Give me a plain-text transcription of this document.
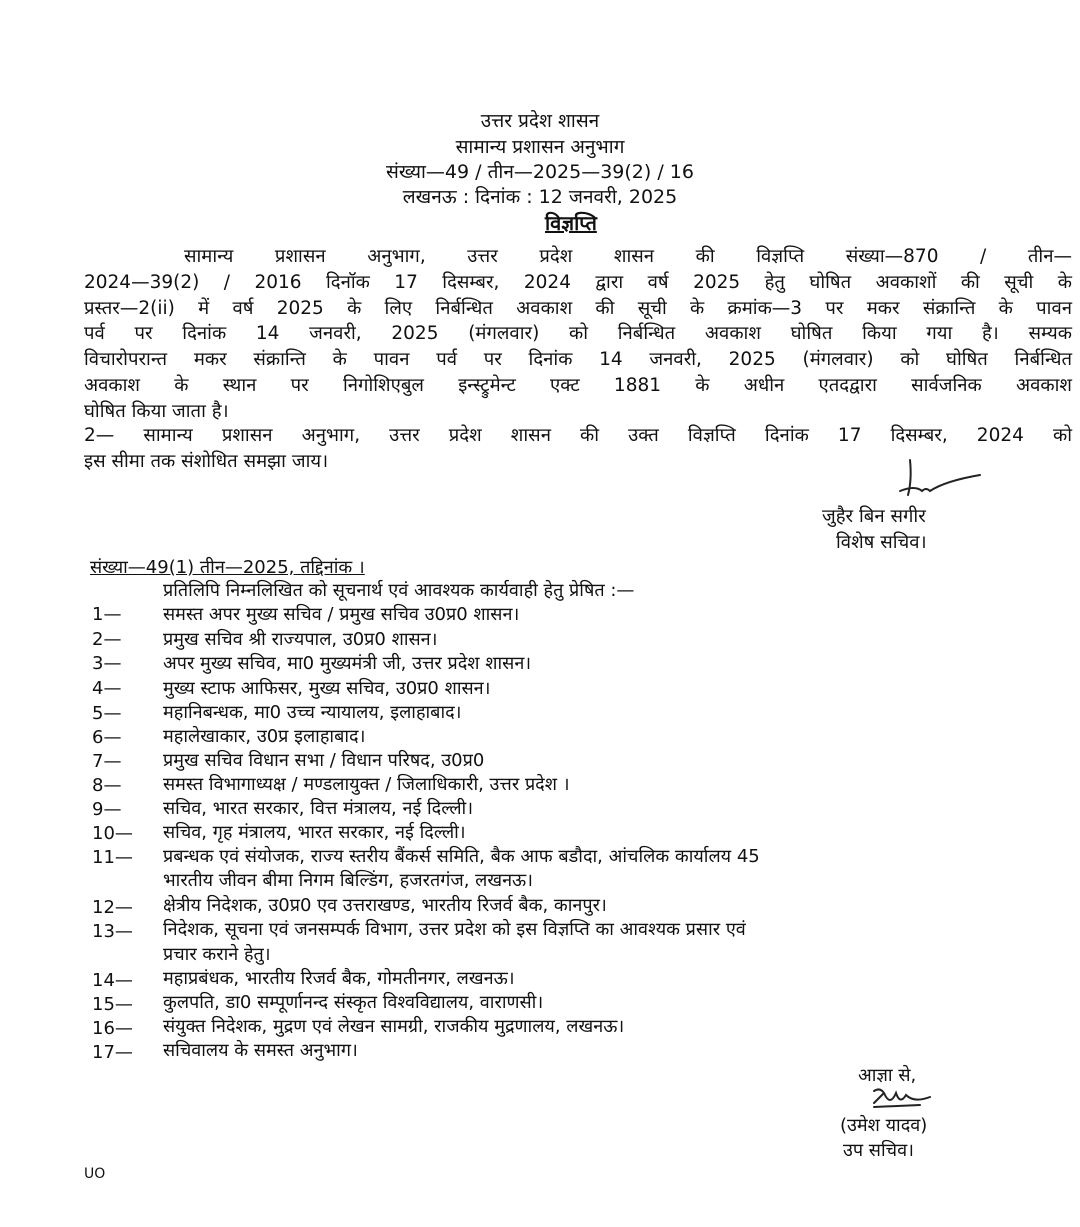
उत्तर प्रदेश शासन
सामान्य प्रशासन अनुभाग
संख्या—49 / तीन—2025—39(2) / 16
लखनऊ : दिनांक : 12 जनवरी, 2025
विज्ञप्ति

सामान्य प्रशासन अनुभाग, उत्तर प्रदेश शासन की विज्ञप्ति संख्या—870 / तीन—

2024—39(2) / 2016 दिनॉक 17 दिसम्बर, 2024 द्वारा वर्ष 2025 हेतु घोषित अवकाशों की सूची के

प्रस्तर—2(ii) में वर्ष 2025 के लिए निर्बन्धित अवकाश की सूची के क्रमांक—3 पर मकर संक्रान्ति के पावन

पर्व पर दिनांक 14 जनवरी, 2025 (मंगलवार) को निर्बन्धित अवकाश घोषित किया गया है। सम्यक

विचारोपरान्त मकर संक्रान्ति के पावन पर्व पर दिनांक 14 जनवरी, 2025 (मंगलवार) को घोषित निर्बन्धित

अवकाश के स्थान पर निगोशिएबुल इन्स्ट्रुमेन्ट एक्ट 1881 के अधीन एतदद्वारा सार्वजनिक अवकाश

घोषित किया जाता है।

2— सामान्य प्रशासन अनुभाग, उत्तर प्रदेश शासन की उक्त विज्ञप्ति दिनांक 17 दिसम्बर, 2024 को

इस सीमा तक संशोधित समझा जाय।

जुहैर बिन सगीर
विशेष सचिव।
संख्या—49(1) तीन—2025, तद्दिनांक ।
प्रतिलिपि निम्नलिखित को सूचनार्थ एवं आवश्यक कार्यवाही हेतु प्रेषित :—
1— समस्त अपर मुख्य सचिव / प्रमुख सचिव उ0प्र0 शासन।
2— प्रमुख सचिव श्री राज्यपाल, उ0प्र0 शासन।
3— अपर मुख्य सचिव, मा0 मुख्यमंत्री जी, उत्तर प्रदेश शासन।
4— मुख्य स्टाफ आफिसर, मुख्य सचिव, उ0प्र0 शासन।
5— महानिबन्धक, मा0 उच्च न्यायालय, इलाहाबाद।
6— महालेखाकार, उ0प्र इलाहाबाद।
7— प्रमुख सचिव विधान सभा / विधान परिषद, उ0प्र0
8— समस्त विभागाध्यक्ष / मण्डलायुक्त / जिलाधिकारी, उत्तर प्रदेश ।
9— सचिव, भारत सरकार, वित्त मंत्रालय, नई दिल्ली।
10— सचिव, गृह मंत्रालय, भारत सरकार, नई दिल्ली।
11— प्रबन्धक एवं संयोजक, राज्य स्तरीय बैंकर्स समिति, बैक आफ बडौदा, आंचलिक कार्यालय 45
भारतीय जीवन बीमा निगम बिल्डिंग, हजरतगंज, लखनऊ।
12— क्षेत्रीय निदेशक, उ0प्र0 एव उत्तराखण्ड, भारतीय रिजर्व बैक, कानपुर।
13— निदेशक, सूचना एवं जनसम्पर्क विभाग, उत्तर प्रदेश को इस विज्ञप्ति का आवश्यक प्रसार एवं
प्रचार कराने हेतु।
14— महाप्रबंधक, भारतीय रिजर्व बैक, गोमतीनगर, लखनऊ।
15— कुलपति, डा0 सम्पूर्णानन्द संस्कृत विश्वविद्यालय, वाराणसी।
16— संयुक्त निदेशक, मुद्रण एवं लेखन सामग्री, राजकीय मुद्रणालय, लखनऊ।
17— सचिवालय के समस्त अनुभाग।
आज्ञा से,
(उमेश यादव)
उप सचिव।
UO
